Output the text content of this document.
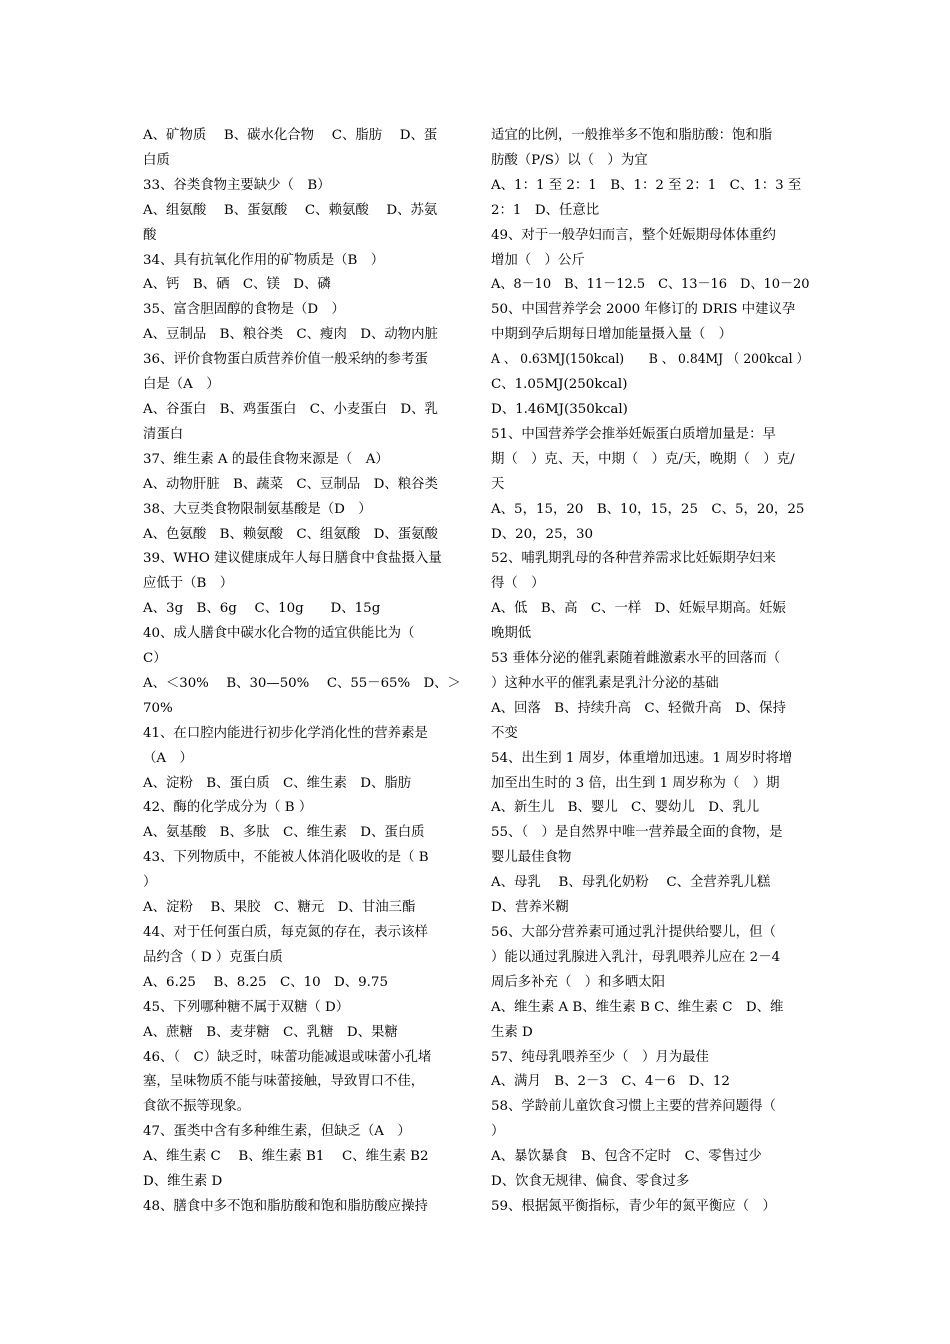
A、矿物质　 B、碳水化合物　 C、脂肪　 D、蛋
白质
33、谷类食物主要缺少（　B）
A、组氨酸　 B、蛋氨酸　 C、赖氨酸　 D、苏氨
酸
34、具有抗氧化作用的矿物质是（B　）
A、钙　B、硒　C、镁　D、磷
35、富含胆固醇的食物是（D　）
A、豆制品　B、粮谷类　C、瘦肉　D、动物内脏
36、评价食物蛋白质营养价值一般采纳的参考蛋
白是（A　）
A、谷蛋白　B、鸡蛋蛋白　C、小麦蛋白　D、乳
清蛋白
37、维生素 A 的最佳食物来源是（　A）
A、动物肝脏　B、蔬菜　C、豆制品　D、粮谷类
38、大豆类食物限制氨基酸是（D　）
A、色氨酸　B、赖氨酸　C、组氨酸　D、蛋氨酸
39、WHO 建议健康成年人每日膳食中食盐摄入量
应低于（B　）
A、3g　B、6g　 C、10g　　D、15g
40、成人膳食中碳水化合物的适宜供能比为（
C）
A、＜30%　 B、30—50%　 C、55－65%　D、＞
70%
41、在口腔内能进行初步化学消化性的营养素是
（A　）
A、淀粉　B、蛋白质　C、维生素　D、脂肪
42、酶的化学成分为（ B ）
A、氨基酸　B、多肽　C、维生素　D、蛋白质
43、下列物质中，不能被人体消化吸收的是（ B
）
A、淀粉　 B、果胶　C、糖元　D、甘油三酯
44、对于任何蛋白质，每克氮的存在，表示该样
品约含（ D ）克蛋白质
A、6.25　 B、8.25　C、10　D、9.75
45、下列哪种糖不属于双糖（ D）
A、蔗糖　B、麦芽糖　C、乳糖　D、果糖
46、（　C）缺乏时，味蕾功能减退或味蕾小孔堵
塞，呈味物质不能与味蕾接触，导致胃口不佳，
食欲不振等现象。
47、蛋类中含有多种维生素，但缺乏（A　）
A、维生素 C　 B、维生素 B1　 C、维生素 B2
D、维生素 D
48、膳食中多不饱和脂肪酸和饱和脂肪酸应操持
适宜的比例，一般推举多不饱和脂肪酸：饱和脂
肪酸（P/S）以（　）为宜
A、1：1 至 2：1　B、1：2 至 2：1　C、1：3 至
2：1　D、任意比
49、对于一般孕妇而言，整个妊娠期母体体重约
增加（　）公斤
A、8－10　B、11－12.5　C、13－16　D、10－20
50、中国营养学会 2000 年修订的 DRIS 中建议孕
中期到孕后期每日增加能量摄入量（　）
A 、 0.63MJ(150kcal)　　B 、 0.84MJ （ 200kcal ）
C、1.05MJ(250kcal)
D、1.46MJ(350kcal)
51、中国营养学会推举妊娠蛋白质增加量是：早
期（　）克、天，中期（　）克/天，晚期（　）克/
天
A、5，15，20　B、10，15，25　C、5，20，25
D、20，25，30
52、哺乳期乳母的各种营养需求比妊娠期孕妇来
得（　）
A、低　B、高　C、一样　D、妊娠早期高。妊娠
晚期低
53 垂体分泌的催乳素随着雌激素水平的回落而（
）这种水平的催乳素是乳汁分泌的基础
A、回落　B、持续升高　C、轻微升高　D、保持
不变
54、出生到 1 周岁，体重增加迅速。1 周岁时将增
加至出生时的 3 倍，出生到 1 周岁称为（　）期
A、新生儿　B、婴儿　C、婴幼儿　D、乳儿
55、（　）是自然界中唯一营养最全面的食物，是
婴儿最佳食物
A、母乳　 B、母乳化奶粉　 C、全营养乳儿糕
D、营养米糊
56、大部分营养素可通过乳汁提供给婴儿，但（
）能以通过乳腺进入乳汁，母乳喂养儿应在 2－4
周后多补充（　）和多晒太阳
A、维生素 A B、维生素 B C、维生素 C　D、维
生素 D
57、纯母乳喂养至少（　）月为最佳
A、满月　B、2－3　C、4－6　D、12
58、学龄前儿童饮食习惯上主要的营养问题得（
）
A、暴饮暴食　B、包含不定时　C、零售过少
D、饮食无规律、偏食、零食过多
59、根据氮平衡指标，青少年的氮平衡应（　）
